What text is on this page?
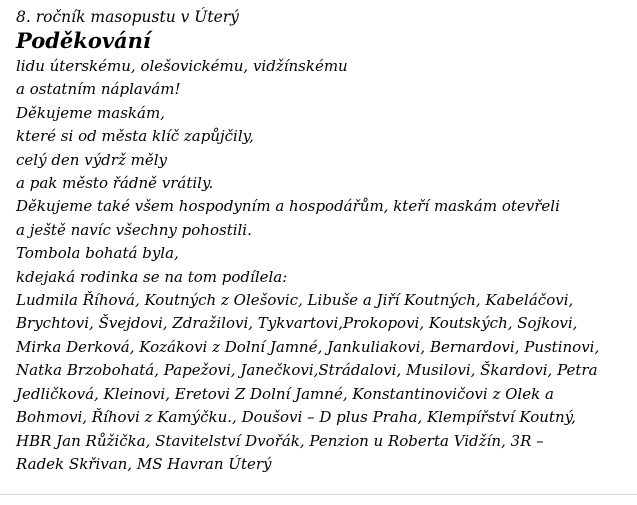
8. ročník masopustu v Úterý
Poděkování
lidu úterskému, olešovickému, vidžínskému
a ostatním náplavám!
Děkujeme maskám,
které si od města klíč zapůjčily,
celý den výdrž měly
a pak město řádně vrátily.
Děkujeme také všem hospodyním a hospodářům, kteří maskám otevřeli
a ještě navíc všechny pohostili.
Tombola bohatá byla,
kdejaká rodinka se na tom podílela:
Ludmila Říhová, Koutných z Olešovic, Libuše a Jiří Koutných, Kabeláčovi,
Brychtovi, Švejdovi, Zdražilovi, Tykvartovi,Prokopovi, Koutských, Sojkovi,
Mirka Derková, Kozákovi z Dolní Jamné, Jankuliakovi, Bernardovi, Pustinovi,
Natka Brzobohatá, Papežovi, Janečkovi,Strádalovi, Musilovi, Škardovi, Petra
Jedličková, Kleinovi, Eretovi Z Dolní Jamné, Konstantinovičovi z Olek a
Bohmovi, Říhovi z Kamýčku., Doušovi – D plus Praha, Klempířství Koutný,
HBR Jan Růžička, Stavitelství Dvořák, Penzion u Roberta Vidžín, 3R –
Radek Skřivan, MS Havran Úterý
